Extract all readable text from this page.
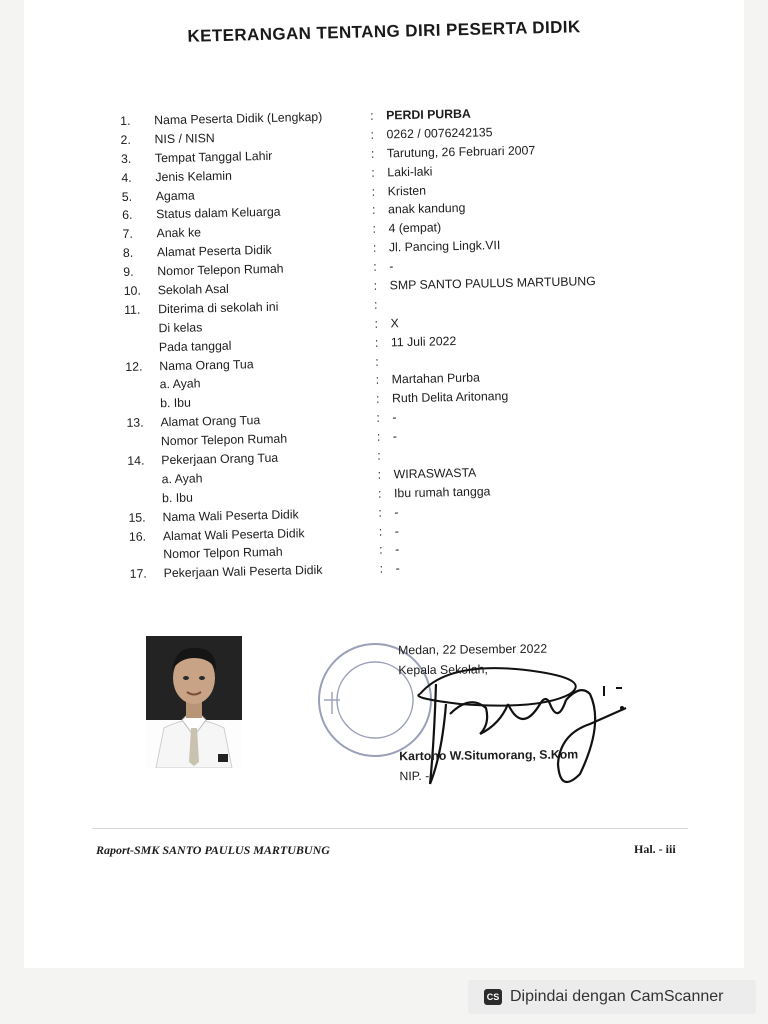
KETERANGAN TENTANG DIRI PESERTA DIDIK
1.	Nama Peserta Didik (Lengkap)	: PERDI PURBA
2.	NIS / NISN	: 0262 / 0076242135
3.	Tempat Tanggal Lahir	: Tarutung, 26 Februari 2007
4.	Jenis Kelamin	: Laki-laki
5.	Agama	: Kristen
6.	Status dalam Keluarga	: anak kandung
7.	Anak ke	: 4 (empat)
8.	Alamat Peserta Didik	: Jl. Pancing Lingk.VII
9.	Nomor Telepon Rumah	: -
10.	Sekolah Asal	: SMP SANTO PAULUS MARTUBUNG
11.	Diterima di sekolah ini	:
Di kelas	: X
Pada tanggal	: 11 Juli 2022
12.	Nama Orang Tua	:
a. Ayah	: Martahan Purba
b. Ibu	: Ruth Delita Aritonang
13.	Alamat Orang Tua	: -
Nomor Telepon Rumah	: -
14.	Pekerjaan Orang Tua	:
a. Ayah	: WIRASWASTA
b. Ibu	: Ibu rumah tangga
15.	Nama Wali Peserta Didik	: -
16.	Alamat Wali Peserta Didik	: -
Nomor Telpon Rumah	: -
17.	Pekerjaan Wali Peserta Didik	: -
Medan, 22 Desember 2022
Kepala Sekolah,
Kartono W.Situmorang, S.Kom
NIP. -
Raport-SMK SANTO PAULUS MARTUBUNG	Hal. - iii
CS Dipindai dengan CamScanner
